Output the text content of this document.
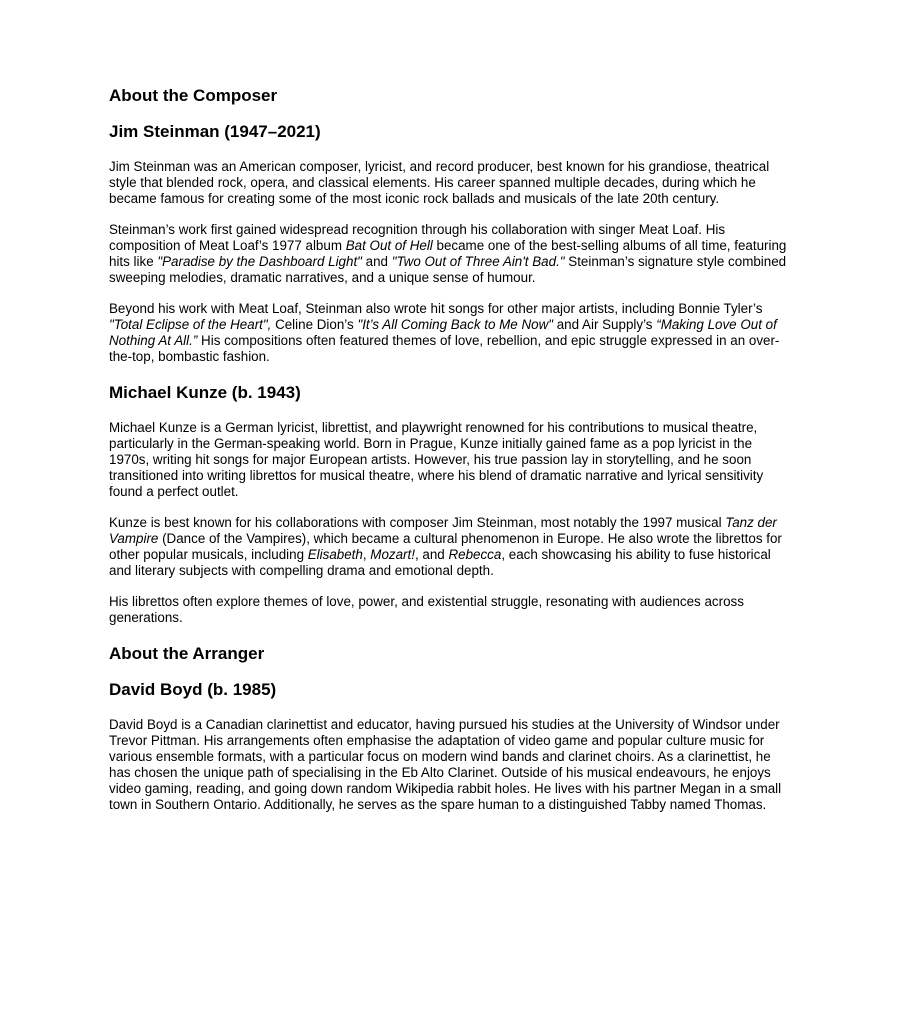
About the Composer
Jim Steinman (1947–2021)

Jim Steinman was an American composer, lyricist, and record producer, best known for his grandiose, theatrical style that blended rock, opera, and classical elements. His career spanned multiple decades, during which he became famous for creating some of the most iconic rock ballads and musicals of the late 20th century.

Steinman’s work first gained widespread recognition through his collaboration with singer Meat Loaf. His composition of Meat Loaf’s 1977 album Bat Out of Hell became one of the best-selling albums of all time, featuring hits like "Paradise by the Dashboard Light" and "Two Out of Three Ain't Bad." Steinman’s signature style combined sweeping melodies, dramatic narratives, and a unique sense of humour.

Beyond his work with Meat Loaf, Steinman also wrote hit songs for other major artists, including Bonnie Tyler’s "Total Eclipse of the Heart", Celine Dion’s "It’s All Coming Back to Me Now" and Air Supply’s “Making Love Out of Nothing At All.” His compositions often featured themes of love, rebellion, and epic struggle expressed in an over-the-top, bombastic fashion.

Michael Kunze (b. 1943)

Michael Kunze is a German lyricist, librettist, and playwright renowned for his contributions to musical theatre, particularly in the German-speaking world. Born in Prague, Kunze initially gained fame as a pop lyricist in the 1970s, writing hit songs for major European artists. However, his true passion lay in storytelling, and he soon transitioned into writing librettos for musical theatre, where his blend of dramatic narrative and lyrical sensitivity found a perfect outlet.

Kunze is best known for his collaborations with composer Jim Steinman, most notably the 1997 musical Tanz der Vampire (Dance of the Vampires), which became a cultural phenomenon in Europe. He also wrote the librettos for other popular musicals, including Elisabeth, Mozart!, and Rebecca, each showcasing his ability to fuse historical and literary subjects with compelling drama and emotional depth.

His librettos often explore themes of love, power, and existential struggle, resonating with audiences across generations.

About the Arranger
David Boyd (b. 1985)

David Boyd is a Canadian clarinettist and educator, having pursued his studies at the University of Windsor under Trevor Pittman. His arrangements often emphasise the adaptation of video game and popular culture music for various ensemble formats, with a particular focus on modern wind bands and clarinet choirs. As a clarinettist, he has chosen the unique path of specialising in the Eb Alto Clarinet. Outside of his musical endeavours, he enjoys video gaming, reading, and going down random Wikipedia rabbit holes. He lives with his partner Megan in a small town in Southern Ontario. Additionally, he serves as the spare human to a distinguished Tabby named Thomas.
